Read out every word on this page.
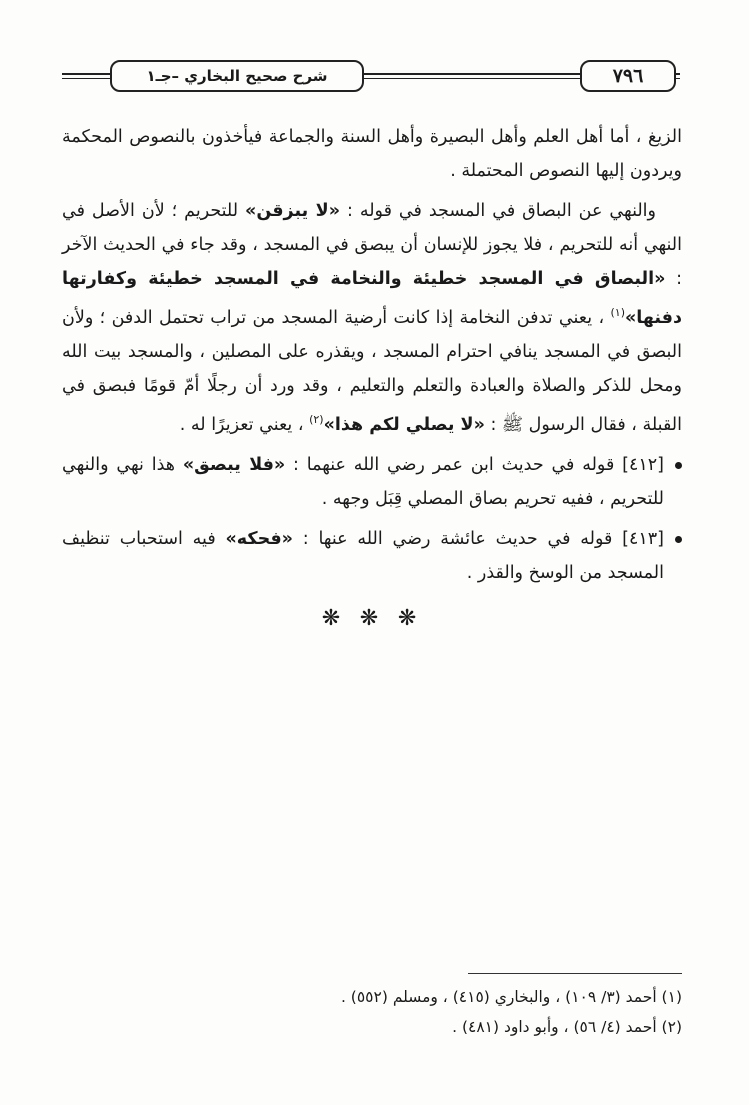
٧٩٦
شرح صحيح البخاري –جـ١

الزيغ ، أما أهل العلم وأهل البصيرة وأهل السنة والجماعة فيأخذون بالنصوص المحكمة ويردون إليها النصوص المحتملة .

والنهي عن البصاق في المسجد في قوله : «لا يبزقن» للتحريم ؛ لأن الأصل في النهي أنه للتحريم ، فلا يجوز للإنسان أن يبصق في المسجد ، وقد جاء في الحديث الآخر : «البصاق في المسجد خطيئة والنخامة في المسجد خطيئة وكفارتها دفنها»$^{(١)}$ ، يعني تدفن النخامة إذا كانت أرضية المسجد من تراب تحتمل الدفن ؛ ولأن البصق في المسجد ينافي احترام المسجد ، ويقذره على المصلين ، والمسجد بيت الله ومحل للذكر والصلاة والعبادة والتعلم والتعليم ، وقد ورد أن رجلًا أمّ قومًا فبصق في القبلة ، فقال الرسول ﷺ : «لا يصلي لكم هذا»$^{(٢)}$ ، يعني تعزيرًا له .

[٤١٢] قوله في حديث ابن عمر رضي الله عنهما : «فلا يبصق» هذا نهي والنهي للتحريم ، ففيه تحريم بصاق المصلي قِبَل وجهه .

[٤١٣] قوله في حديث عائشة رضي الله عنها : «فحكه» فيه استحباب تنظيف المسجد من الوسخ والقذر .

❋ ❋ ❋
(١) أحمد (٣/ ١٠٩) ، والبخاري (٤١٥) ، ومسلم (٥٥٢) .
(٢) أحمد (٤/ ٥٦) ، وأبو داود (٤٨١) .
